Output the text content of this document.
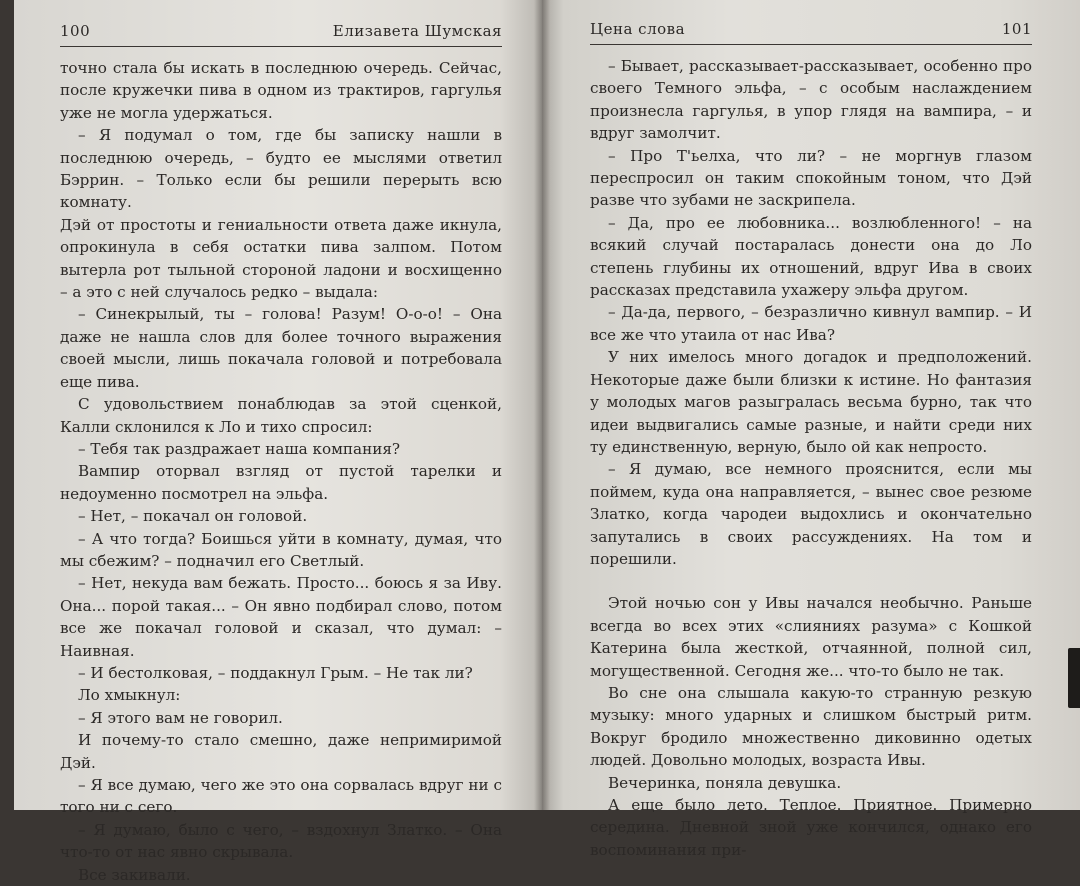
100	Елизавета Шумская

точно стала бы искать в последнюю очередь. Сейчас, после кружечки пива в одном из трактиров, гаргулья уже не могла удержаться.

– Я подумал о том, где бы записку нашли в последнюю очередь, – будто ее мыслями ответил Бэррин. – Только если бы решили перерыть всю комнату.

Дэй от простоты и гениальности ответа даже икнула, опрокинула в себя остатки пива залпом. Потом вытерла рот тыльной стороной ладони и восхищенно – а это с ней случалось редко – выдала:

– Синекрылый, ты – голова! Разум! О-о-о! – Она даже не нашла слов для более точного выражения своей мысли, лишь покачала головой и потребовала еще пива.

С удовольствием понаблюдав за этой сценкой, Калли склонился к Ло и тихо спросил:

– Тебя так раздражает наша компания?

Вампир оторвал взгляд от пустой тарелки и недоуменно посмотрел на эльфа.

– Нет, – покачал он головой.

– А что тогда? Боишься уйти в комнату, думая, что мы сбежим? – подначил его Светлый.

– Нет, некуда вам бежать. Просто... боюсь я за Иву. Она... порой такая... – Он явно подбирал слово, потом все же покачал головой и сказал, что думал: – Наивная.

– И бестолковая, – поддакнул Грым. – Не так ли?

Ло хмыкнул:

– Я этого вам не говорил.

И почему-то стало смешно, даже непримиримой Дэй.

– Я все думаю, чего же это она сорвалась вдруг ни с того ни с сего.

– Я думаю, было с чего, – вздохнул Златко. – Она что-то от нас явно скрывала.

Все закивали.

Цена слова	101

– Бывает, рассказывает-рассказывает, особенно про своего Темного эльфа, – с особым наслаждением произнесла гаргулья, в упор глядя на вампира, – и вдруг замолчит.

– Про Т'ьелха, что ли? – не моргнув глазом переспросил он таким спокойным тоном, что Дэй разве что зубами не заскрипела.

– Да, про ее любовника... возлюбленного! – на всякий случай постаралась донести она до Ло степень глубины их отношений, вдруг Ива в своих рассказах представила ухажеру эльфа другом.

– Да-да, первого, – безразлично кивнул вампир. – И все же что утаила от нас Ива?

У них имелось много догадок и предположений. Некоторые даже были близки к истине. Но фантазия у молодых магов разыгралась весьма бурно, так что идеи выдвигались самые разные, и найти среди них ту единственную, верную, было ой как непросто.

– Я думаю, все немного прояснится, если мы поймем, куда она направляется, – вынес свое резюме Златко, когда чародеи выдохлись и окончательно запутались в своих рассуждениях. На том и порешили.

Этой ночью сон у Ивы начался необычно. Раньше всегда во всех этих «слияниях разума» с Кошкой Катерина была жесткой, отчаянной, полной сил, могущественной. Сегодня же... что-то было не так.

Во сне она слышала какую-то странную резкую музыку: много ударных и слишком быстрый ритм. Вокруг бродило множественно диковинно одетых людей. Довольно молодых, возраста Ивы.

Вечеринка, поняла девушка.

А еще было лето. Теплое. Приятное. Примерно середина. Дневной зной уже кончился, однако его воспоминания при-
